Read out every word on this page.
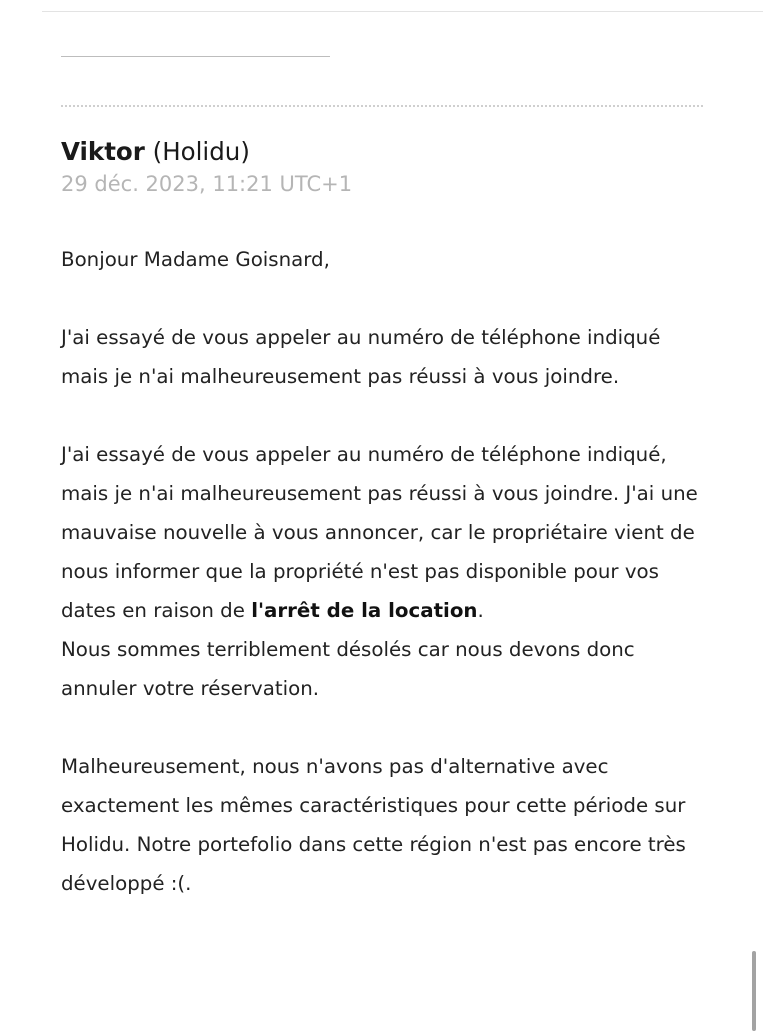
Viktor (Holidu)
29 déc. 2023, 11:21 UTC+1

Bonjour Madame Goisnard,

J'ai essayé de vous appeler au numéro de téléphone indiqué mais je n'ai malheureusement pas réussi à vous joindre.

J'ai essayé de vous appeler au numéro de téléphone indiqué, mais je n'ai malheureusement pas réussi à vous joindre. J'ai une mauvaise nouvelle à vous annoncer, car le propriétaire vient de nous informer que la propriété n'est pas disponible pour vos dates en raison de l'arrêt de la location.

Nous sommes terriblement désolés car nous devons donc annuler votre réservation.

Malheureusement, nous n'avons pas d'alternative avec exactement les mêmes caractéristiques pour cette période sur Holidu. Notre portefolio dans cette région n'est pas encore très développé :(.
